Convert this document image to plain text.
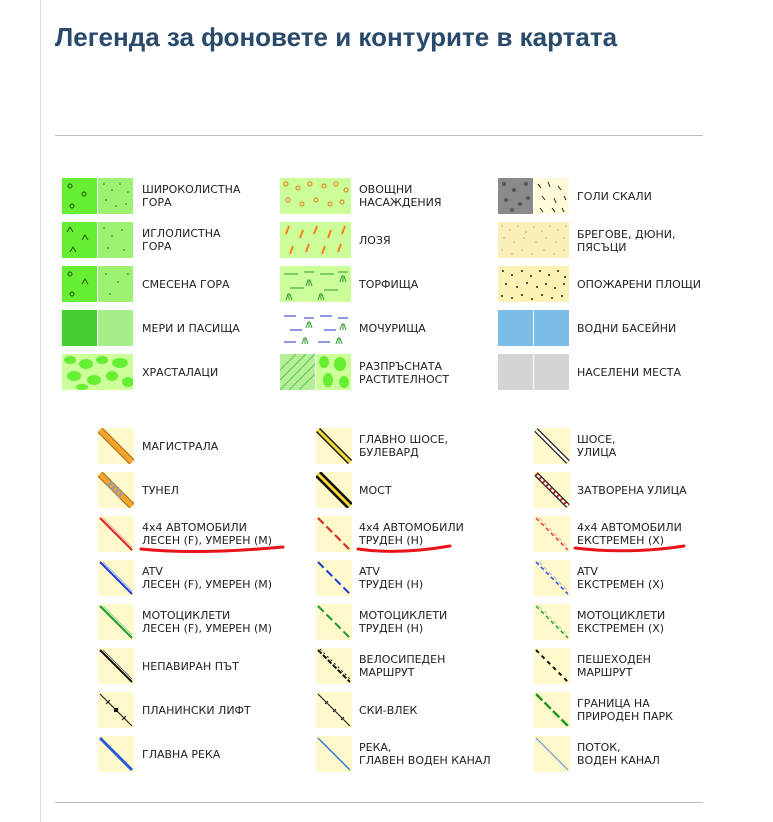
Легенда за фоновете и контурите в картата
ШИРОКОЛИСТНА
ГОРА
ИГЛОЛИСТНА
ГОРА
СМЕСЕНА ГОРА
МЕРИ И ПАСИЩА
ХРАСТАЛАЦИ
ОВОЩНИ
НАСАЖДЕНИЯ
ЛОЗЯ
ТОРФИЩА
МОЧУРИЩА
РАЗПРЪСНАТА
РАСТИТЕЛНОСТ
ГОЛИ СКАЛИ
БРЕГОВЕ, ДЮНИ,
ПЯСЪЦИ
ОПОЖАРЕНИ ПЛОЩИ
ВОДНИ БАСЕЙНИ
НАСЕЛЕНИ МЕСТА
МАГИСТРАЛА
ТУНЕЛ
4x4 АВТОМОБИЛИ
ЛЕСЕН (F), УМЕРЕН (M)
ATV
ЛЕСЕН (F), УМЕРЕН (M)
МОТОЦИКЛЕТИ
ЛЕСЕН (F), УМЕРЕН (M)
НЕПАВИРАН ПЪТ
ПЛАНИНСКИ ЛИФТ
ГЛАВНА РЕКА
ГЛАВНО ШОСЕ,
БУЛЕВАРД
МОСТ
4x4 АВТОМОБИЛИ
ТРУДЕН (H)
ATV
ТРУДЕН (H)
МОТОЦИКЛЕТИ
ТРУДЕН (H)
ВЕЛОСИПЕДЕН
МАРШРУТ
СКИ-ВЛЕК
РЕКА,
ГЛАВЕН ВОДЕН КАНАЛ
ШОСЕ,
УЛИЦА
ЗАТВОРЕНА УЛИЦА
4x4 АВТОМОБИЛИ
ЕКСТРЕМЕН (X)
ATV
ЕКСТРЕМЕН (X)
МОТОЦИКЛЕТИ
ЕКСТРЕМЕН (X)
ПЕШЕХОДЕН
МАРШРУТ
ГРАНИЦА НА
ПРИРОДЕН ПАРК
ПОТОК,
ВОДЕН КАНАЛ
